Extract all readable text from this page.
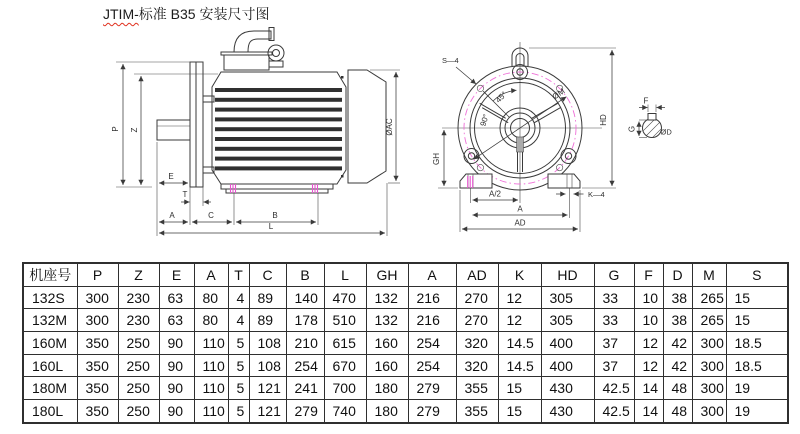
JTIM-标准 B35 安装尺寸图
P Z
E
T
A	C	B
L
ØAC
45°
90°
ØM
S—4
GH
HD
A/2
A
AD
K—4
F
G	ØD
机座号	P	Z	E	A	T	C	B	L	GH	A	AD	K	HD	G	F	D	M	S
132S	300	230	63	80	4	89	140	470	132	216	270	12	305	33	10	38	265	15
132M	300	230	63	80	4	89	178	510	132	216	270	12	305	33	10	38	265	15
160M	350	250	90	110	5	108	210	615	160	254	320	14.5	400	37	12	42	300	18.5
160L	350	250	90	110	5	108	254	670	160	254	320	14.5	400	37	12	42	300	18.5
180M	350	250	90	110	5	121	241	700	180	279	355	15	430	42.5	14	48	300	19
180L	350	250	90	110	5	121	279	740	180	279	355	15	430	42.5	14	48	300	19
